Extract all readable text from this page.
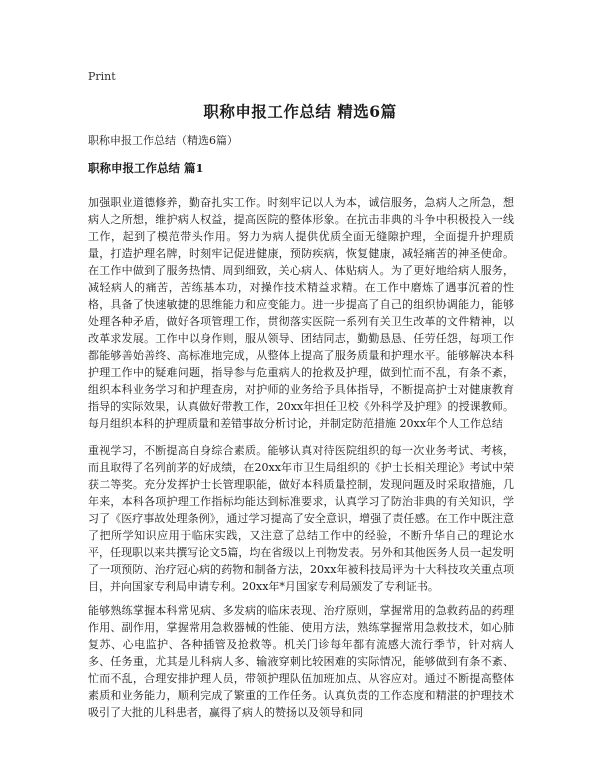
Print
职称申报工作总结 精选6篇
职称申报工作总结（精选6篇）
职称申报工作总结 篇1

加强职业道德修养，勤奋扎实工作。时刻牢记以人为本，诚信服务，急病人之所急，想病人之所想，维护病人权益，提高医院的整体形象。在抗击非典的斗争中积极投入一线工作，起到了模范带头作用。努力为病人提供优质全面无缝隙护理，全面提升护理质量，打造护理名牌，时刻牢记促进健康，预防疾病，恢复健康，减轻痛苦的神圣使命。在工作中做到了服务热情、周到细致，关心病人、体贴病人。为了更好地给病人服务，减轻病人的痛苦，苦练基本功，对操作技术精益求精。在工作中磨炼了遇事沉着的性格，具备了快速敏捷的思维能力和应变能力。进一步提高了自己的组织协调能力，能够处理各种矛盾，做好各项管理工作，贯彻落实医院一系列有关卫生改革的文件精神，以改革求发展。工作中以身作则，服从领导、团结同志，勤勤恳恳、任劳任怨，每项工作都能够善始善终、高标准地完成，从整体上提高了服务质量和护理水平。能够解决本科护理工作中的疑难问题，指导参与危重病人的抢救及护理，做到忙而不乱，有条不紊，组织本科业务学习和护理查房，对护师的业务给予具体指导，不断提高护士对健康教育指导的实际效果，认真做好带教工作，20xx年担任卫校《外科学及护理》的授课教师。每月组织本科的护理质量和差错事故分析讨论，并制定防范措施 20xx年个人工作总结

重视学习，不断提高自身综合素质。能够认真对待医院组织的每一次业务考试、考核，而且取得了名列前茅的好成绩，在20xx年市卫生局组织的《护士长相关理论》考试中荣获二等奖。充分发挥护士长管理职能，做好本科质量控制，发现问题及时采取措施，几年来，本科各项护理工作指标均能达到标准要求，认真学习了防治非典的有关知识，学习了《医疗事故处理条例》，通过学习提高了安全意识，增强了责任感。在工作中既注意了把所学知识应用于临床实践，又注意了总结工作中的经验，不断升华自己的理论水平，任现职以来共撰写论文5篇，均在省级以上刊物发表。另外和其他医务人员一起发明了一项预防、治疗冠心病的药物和制备方法，20xx年被科技局评为十大科技攻关重点项目，并向国家专利局申请专利。20xx年*月国家专利局颁发了专利证书。

能够熟练掌握本科常见病、多发病的临床表现、治疗原则，掌握常用的急救药品的药理作用、副作用，掌握常用急救器械的性能、使用方法，熟练掌握常用急救技术，如心肺复苏、心电监护、各种插管及抢救等。机关门诊每年都有流感大流行季节，针对病人多、任务重，尤其是儿科病人多、输液穿刺比较困难的实际情况，能够做到有条不紊、忙而不乱，合理安排护理人员，带领护理队伍加班加点、从容应对。通过不断提高整体素质和业务能力，顺利完成了繁重的工作任务。认真负责的工作态度和精湛的护理技术吸引了大批的儿科患者，赢得了病人的赞扬以及领导和同
